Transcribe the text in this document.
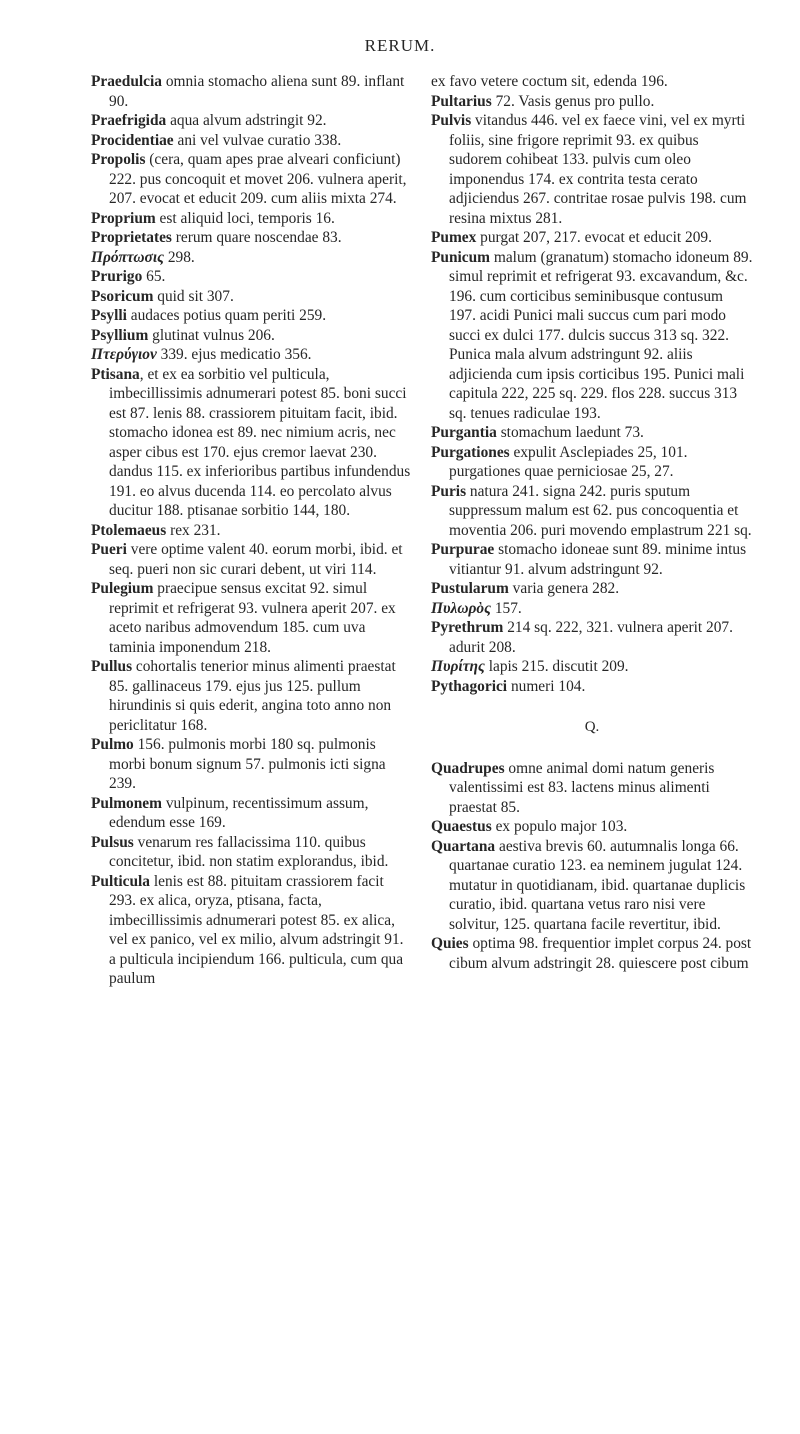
RERUM.

Praedulcia omnia stomacho aliena sunt 89. inflant 90.

Praefrigida aqua alvum adstringit 92.

Procidentiae ani vel vulvae curatio 338.

Propolis (cera, quam apes prae alveari conficiunt) 222. pus concoquit et movet 206. vulnera aperit, 207. evocat et educit 209. cum aliis mixta 274.

Proprium est aliquid loci, temporis 16.

Proprietates rerum quare noscendae 83.

Πρόπτωσις 298.

Prurigo 65.

Psoricum quid sit 307.

Psylli audaces potius quam periti 259.

Psyllium glutinat vulnus 206.

Πτερύγιον 339. ejus medicatio 356.

Ptisana, et ex ea sorbitio vel pulticula, imbecillissimis adnumerari potest 85. boni succi est 87. lenis 88. crassiorem pituitam facit, ibid. stomacho idonea est 89. nec nimium acris, nec asper cibus est 170. ejus cremor laevat 230. dandus 115. ex inferioribus partibus infundendus 191. eo alvus ducenda 114. eo percolato alvus ducitur 188. ptisanae sorbitio 144, 180.

Ptolemaeus rex 231.

Pueri vere optime valent 40. eorum morbi, ibid. et seq. pueri non sic curari debent, ut viri 114.

Pulegium praecipue sensus excitat 92. simul reprimit et refrigerat 93. vulnera aperit 207. ex aceto naribus admovendum 185. cum uva taminia imponendum 218.

Pullus cohortalis tenerior minus alimenti praestat 85. gallinaceus 179. ejus jus 125. pullum hirundinis si quis ederit, angina toto anno non periclitatur 168.

Pulmo 156. pulmonis morbi 180 sq. pulmonis morbi bonum signum 57. pulmonis icti signa 239.

Pulmonem vulpinum, recentissimum assum, edendum esse 169.

Pulsus venarum res fallacissima 110. quibus concitetur, ibid. non statim explorandus, ibid.

Pulticula lenis est 88. pituitam crassiorem facit 293. ex alica, oryza, ptisana, facta, imbecillissimis adnumerari potest 85. ex alica, vel ex panico, vel ex milio, alvum adstringit 91. a pulticula incipiendum 166. pulticula, cum qua paulum

ex favo vetere coctum sit, edenda 196.

Pultarius 72. Vasis genus pro pullo.

Pulvis vitandus 446. vel ex faece vini, vel ex myrti foliis, sine frigore reprimit 93. ex quibus sudorem cohibeat 133. pulvis cum oleo imponendus 174. ex contrita testa cerato adjiciendus 267. contritae rosae pulvis 198. cum resina mixtus 281.

Pumex purgat 207, 217. evocat et educit 209.

Punicum malum (granatum) stomacho idoneum 89. simul reprimit et refrigerat 93. excavandum, &c. 196. cum corticibus seminibusque contusum 197. acidi Punici mali succus cum pari modo succi ex dulci 177. dulcis succus 313 sq. 322. Punica mala alvum adstringunt 92. aliis adjicienda cum ipsis corticibus 195. Punici mali capitula 222, 225 sq. 229. flos 228. succus 313 sq. tenues radiculae 193.

Purgantia stomachum laedunt 73.

Purgationes expulit Asclepiades 25, 101. purgationes quae perniciosae 25, 27.

Puris natura 241. signa 242. puris sputum suppressum malum est 62. pus concoquentia et moventia 206. puri movendo emplastrum 221 sq.

Purpurae stomacho idoneae sunt 89. minime intus vitiantur 91. alvum adstringunt 92.

Pustularum varia genera 282.

Πυλωρὸς 157.

Pyrethrum 214 sq. 222, 321. vulnera aperit 207. adurit 208.

Πυρίτης lapis 215. discutit 209.

Pythagorici numeri 104.

Q.

Quadrupes omne animal domi natum generis valentissimi est 83. lactens minus alimenti praestat 85.

Quaestus ex populo major 103.

Quartana aestiva brevis 60. autumnalis longa 66. quartanae curatio 123. ea neminem jugulat 124. mutatur in quotidianam, ibid. quartanae duplicis curatio, ibid. quartana vetus raro nisi vere solvitur, 125. quartana facile revertitur, ibid.

Quies optima 98. frequentior implet corpus 24. post cibum alvum adstringit 28. quiescere post cibum
